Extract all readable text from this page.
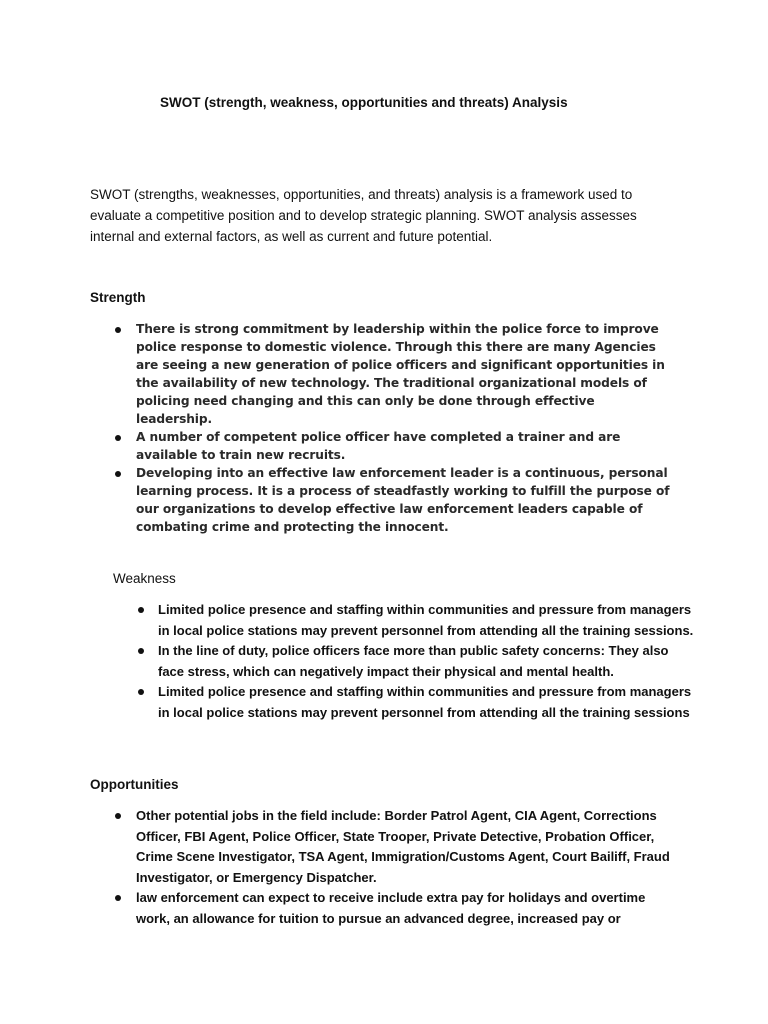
SWOT (strength, weakness, opportunities and threats) Analysis
SWOT (strengths, weaknesses, opportunities, and threats) analysis is a framework used to evaluate a competitive position and to develop strategic planning. SWOT analysis assesses internal and external factors, as well as current and future potential.
Strength
There is strong commitment by leadership within the police force to improve police response to domestic violence. Through this there are many Agencies are seeing a new generation of police officers and significant opportunities in the availability of new technology. The traditional organizational models of policing need changing and this can only be done through effective leadership.
A number of competent police officer have completed a trainer and are available to train new recruits.
Developing into an effective law enforcement leader is a continuous, personal learning process. It is a process of steadfastly working to fulfill the purpose of our organizations to develop effective law enforcement leaders capable of combating crime and protecting the innocent.
Weakness
Limited police presence and staffing within communities and pressure from managers in local police stations may prevent personnel from attending all the training sessions.
In the line of duty, police officers face more than public safety concerns: They also face stress, which can negatively impact their physical and mental health.
Limited police presence and staffing within communities and pressure from managers in local police stations may prevent personnel from attending all the training sessions
Opportunities
Other potential jobs in the field include: Border Patrol Agent, CIA Agent, Corrections Officer, FBI Agent, Police Officer, State Trooper, Private Detective, Probation Officer, Crime Scene Investigator, TSA Agent, Immigration/Customs Agent, Court Bailiff, Fraud Investigator, or Emergency Dispatcher.
law enforcement can expect to receive include extra pay for holidays and overtime work, an allowance for tuition to pursue an advanced degree, increased pay or
